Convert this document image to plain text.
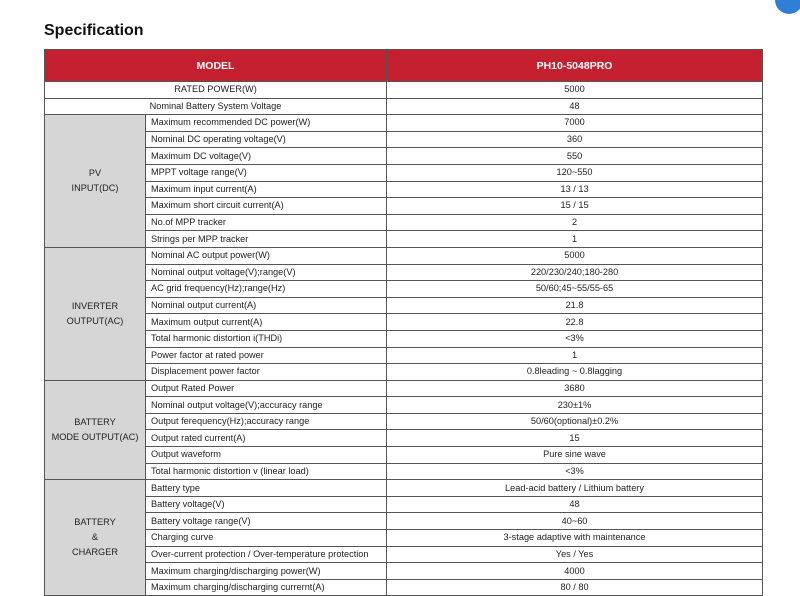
Specification
MODEL		PH10-5048PRO
RATED POWER(W)		5000
Nominal Battery System Voltage		48

PV
INPUT(DC)	Maximum recommended DC power(W)	7000
	Nominal DC operating voltage(V)	360
	Maximum DC voltage(V)	550
	MPPT voltage range(V)	120~550
	Maximum input current(A)	13 / 13
	Maximum short circuit current(A)	15 / 15
	No.of MPP tracker	2
	Strings per MPP tracker	1

INVERTER
OUTPUT(AC)	Nominal AC output power(W)	5000
	Nominal output voltage(V);range(V)	220/230/240;180-280
	AC grid frequency(Hz);range(Hz)	50/60;45~55/55-65
	Nominal output current(A)	21.8
	Maximum output current(A)	22.8
	Total harmonic distortion i(THDi)	<3%
	Power factor at rated power	1
	Displacement power factor	0.8leading ~ 0.8lagging

BATTERY
MODE OUTPUT(AC)	Output Rated Power	3680
	Nominal output voltage(V);accuracy range	230±1%
	Output ferequency(Hz);accuracy range	50/60(optional)±0.2%
	Output rated current(A)	15
	Output waveform	Pure sine wave
	Total harmonic distortion v (linear load)	<3%

BATTERY
&
CHARGER	Battery type	Lead-acid battery / Lithium battery
	Battery voltage(V)	48
	Battery voltage range(V)	40~60
	Charging curve	3-stage adaptive with maintenance
	Over-current protection / Over-temperature protection	Yes / Yes
	Maximum charging/discharging power(W)	4000
	Maximum charging/discharging currernt(A)	80 / 80
